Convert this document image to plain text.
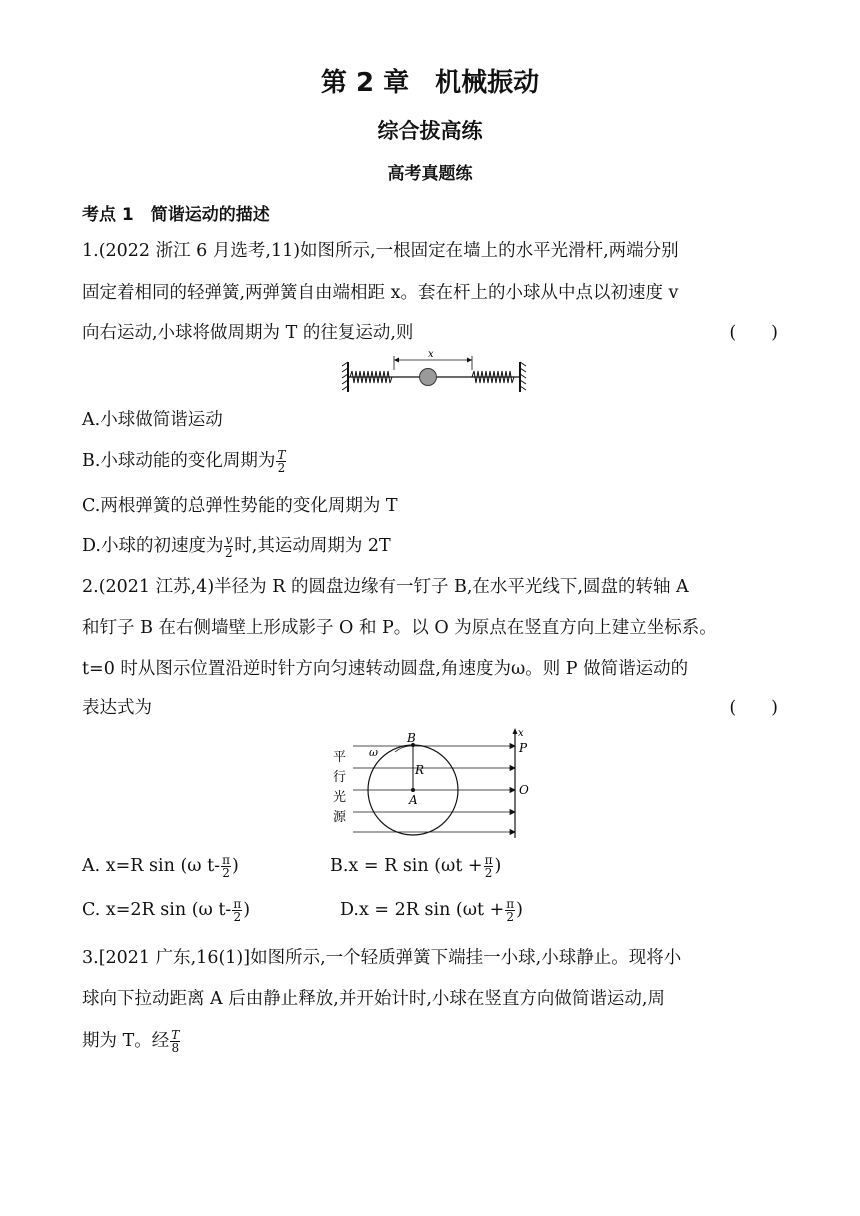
第 2 章　机械振动
综合拔高练
高考真题练
考点 1　简谐运动的描述
1.(2022 浙江 6 月选考,11)如图所示,一根固定在墙上的水平光滑杆,两端分别
固定着相同的轻弹簧,两弹簧自由端相距 x。套在杆上的小球从中点以初速度 v
向右运动,小球将做周期为 T 的往复运动,则	(　　)
x
A.小球做简谐运动
B.小球动能的变化周期为 $\frac{T}{2}$
C.两根弹簧的总弹性势能的变化周期为 T
D.小球的初速度为 $\frac{v}{2}$ 时,其运动周期为 2T
2.(2021 江苏,4)半径为 R 的圆盘边缘有一钉子 B,在水平光线下,圆盘的转轴 A
和钉子 B 在右侧墙壁上形成影子 O 和 P。以 O 为原点在竖直方向上建立坐标系。
t=0 时从图示位置沿逆时针方向匀速转动圆盘,角速度为ω。则 P 做简谐运动的
表达式为	(　　)
平
行
光
源
x
ω
B
R
A
P
O
A. x=R sin (ω $t- \frac{\pi}{2}$ )	B.x = R $\sin (\omega t + \frac{\pi}{2}$ )
C. x=2R sin (ω $t- \frac{\pi}{2}$ )	D.x = 2R $\sin (\omega t + \frac{\pi}{2}$ )
3.[2021 广东,16(1)]如图所示,一个轻质弹簧下端挂一小球,小球静止。现将小
球向下拉动距离 A 后由静止释放,并开始计时,小球在竖直方向做简谐运动,周
期为 T。经 $\frac{T}{8}$
